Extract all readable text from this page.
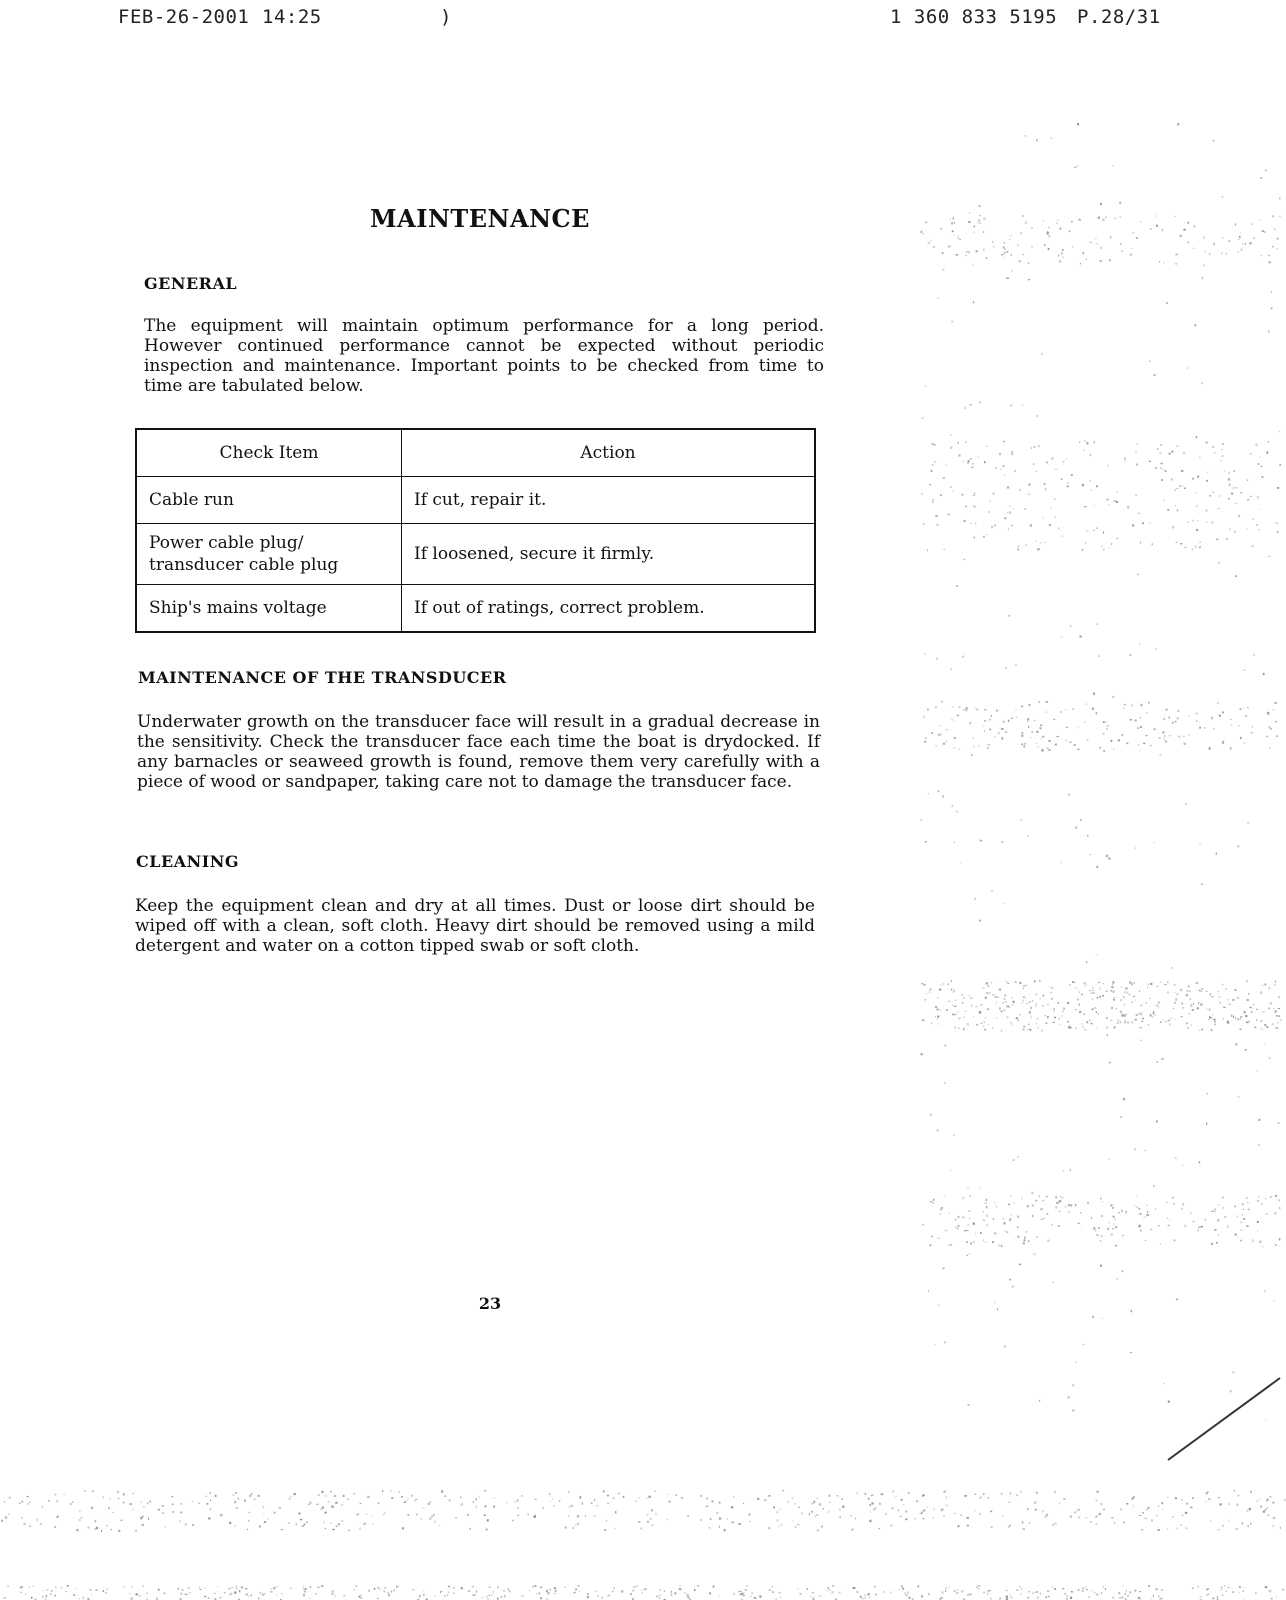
FEB-26-2001 14:25	)	1 360 833 5195 P.28/31
MAINTENANCE
GENERAL
The equipment will maintain optimum performance for a long period. However continued performance cannot be expected without periodic inspection and maintenance. Important points to be checked from time to time are tabulated below.
Check Item	Action
Cable run	If cut, repair it.
Power cable plug/ transducer cable plug	If loosened, secure it firmly.
Ship's mains voltage	If out of ratings, correct problem.
MAINTENANCE OF THE TRANSDUCER
Underwater growth on the transducer face will result in a gradual decrease in the sensitivity. Check the transducer face each time the boat is drydocked. If any barnacles or seaweed growth is found, remove them very carefully with a piece of wood or sandpaper, taking care not to damage the transducer face.
CLEANING
Keep the equipment clean and dry at all times. Dust or loose dirt should be wiped off with a clean, soft cloth. Heavy dirt should be removed using a mild detergent and water on a cotton tipped swab or soft cloth.
23
